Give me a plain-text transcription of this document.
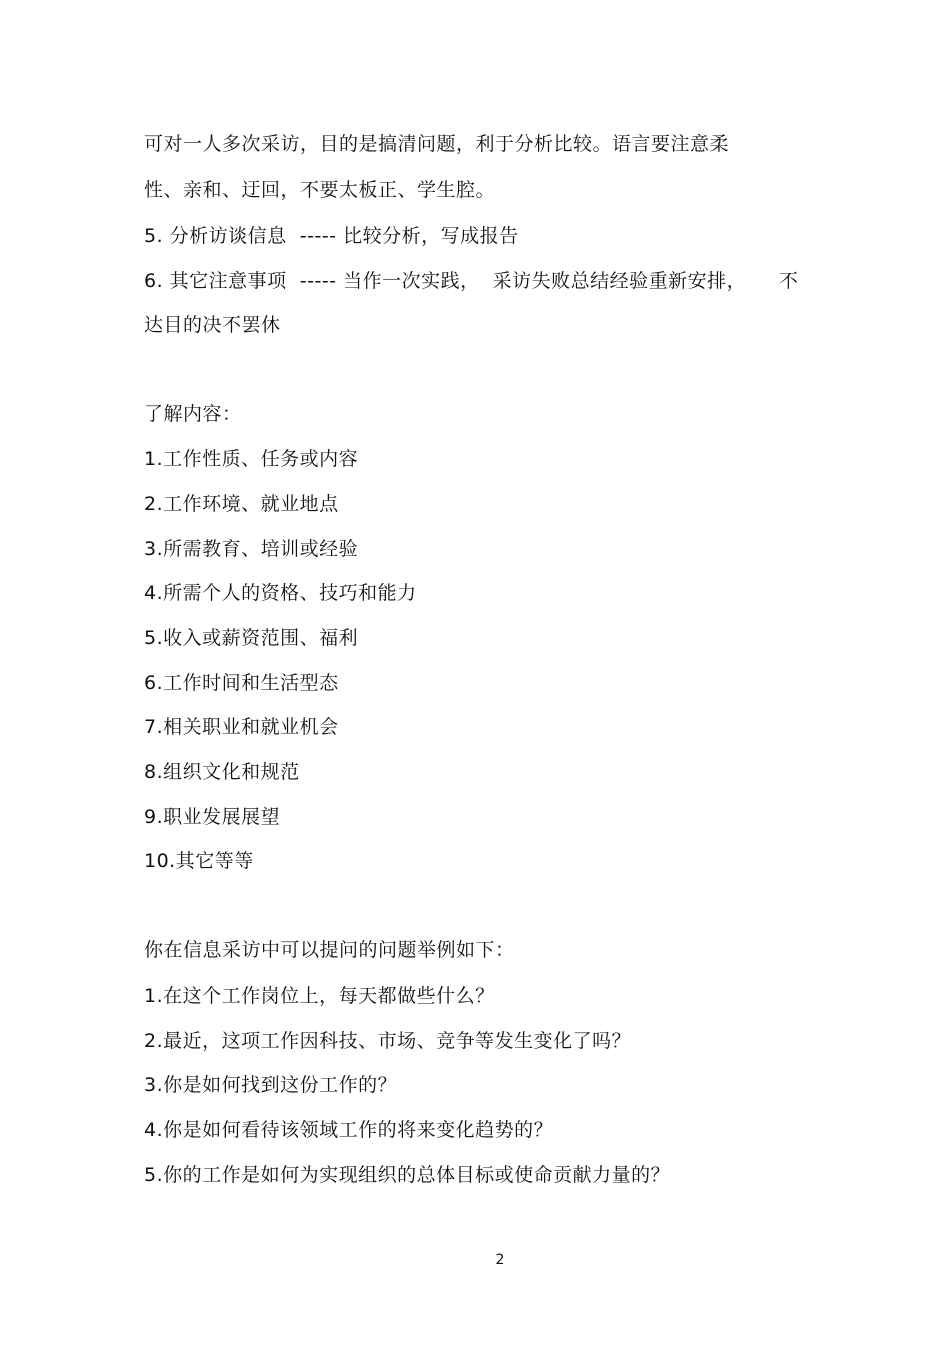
可对一人多次采访，目的是搞清问题，利于分析比较。语言要注意柔
性、亲和、迂回，不要太板正、学生腔。
5. 分析访谈信息  ----- 比较分析，写成报告
6. 其它注意事项  ----- 当作一次实践，  采访失败总结经验重新安排，     不
达目的决不罢休
了解内容：
1.工作性质、任务或内容
2.工作环境、就业地点
3.所需教育、培训或经验
4.所需个人的资格、技巧和能力
5.收入或薪资范围、福利
6.工作时间和生活型态
7.相关职业和就业机会
8.组织文化和规范
9.职业发展展望
10.其它等等
你在信息采访中可以提问的问题举例如下：
1.在这个工作岗位上，每天都做些什么？
2.最近，这项工作因科技、市场、竞争等发生变化了吗？
3.你是如何找到这份工作的？
4.你是如何看待该领域工作的将来变化趋势的？
5.你的工作是如何为实现组织的总体目标或使命贡献力量的？
2
